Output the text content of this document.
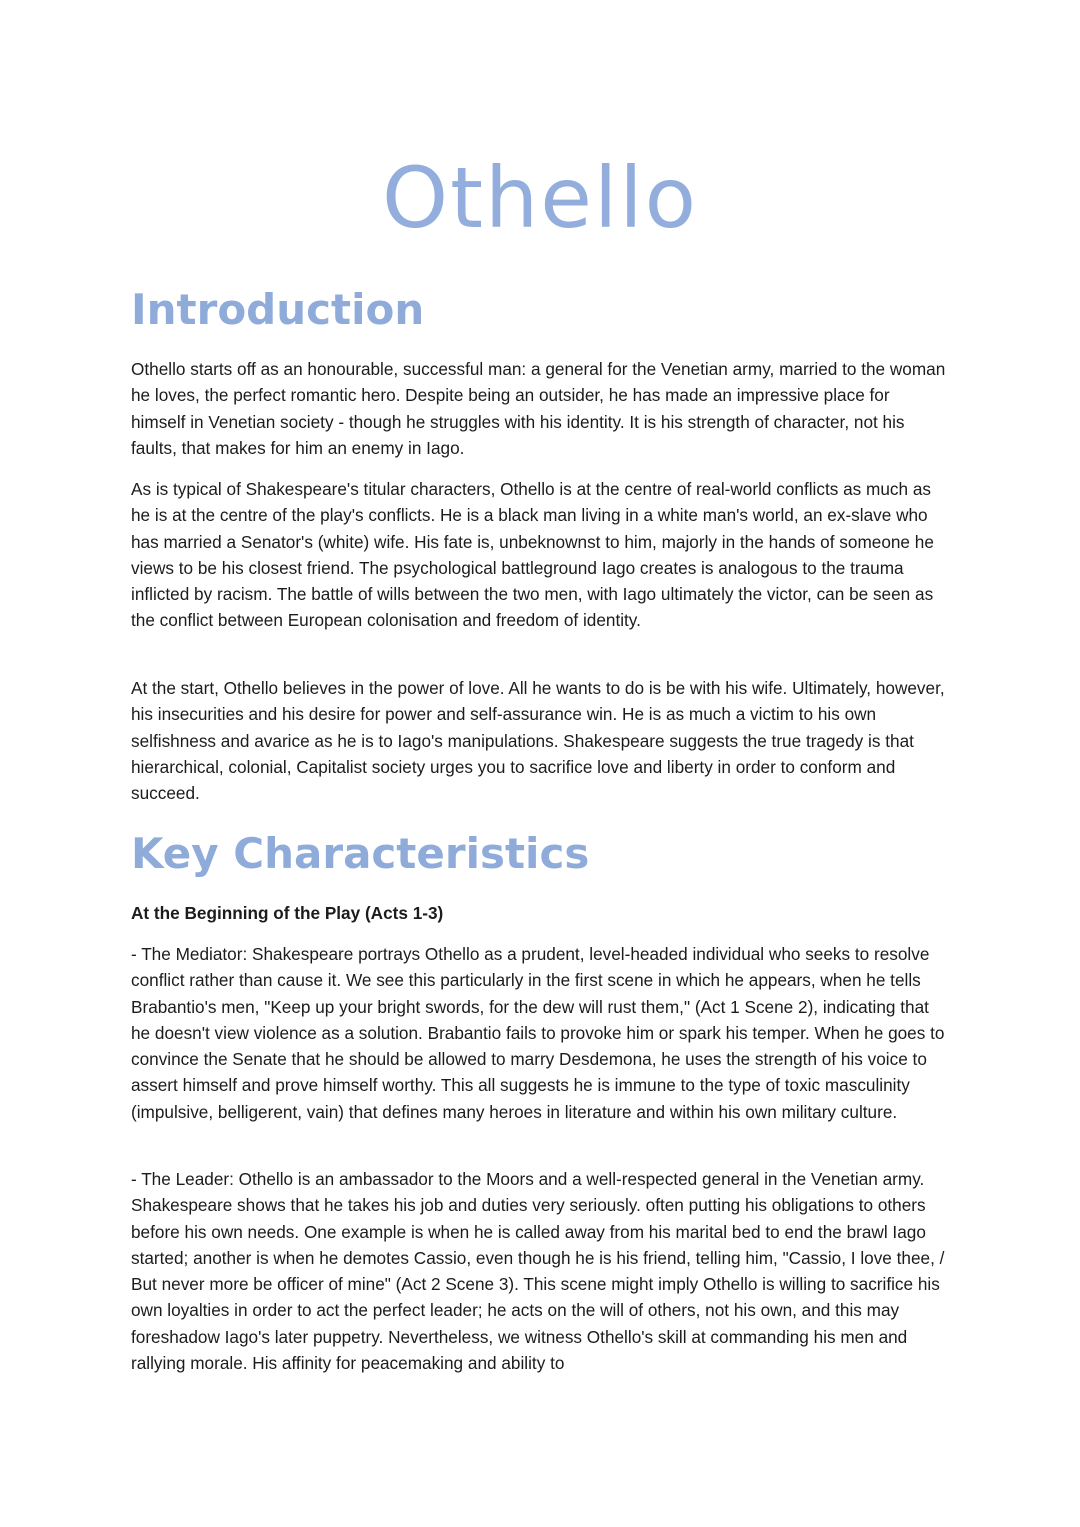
Othello
Introduction

Othello starts off as an honourable, successful man: a general for the Venetian army, married to the woman he loves, the perfect romantic hero. Despite being an outsider, he has made an impressive place for himself in Venetian society - though he struggles with his identity. It is his strength of character, not his faults, that makes for him an enemy in Iago.

As is typical of Shakespeare's titular characters, Othello is at the centre of real-world conflicts as much as he is at the centre of the play's conflicts. He is a black man living in a white man's world, an ex-slave who has married a Senator's (white) wife. His fate is, unbeknownst to him, majorly in the hands of someone he views to be his closest friend. The psychological battleground Iago creates is analogous to the trauma inflicted by racism. The battle of wills between the two men, with Iago ultimately the victor, can be seen as the conflict between European colonisation and freedom of identity.

At the start, Othello believes in the power of love. All he wants to do is be with his wife. Ultimately, however, his insecurities and his desire for power and self-assurance win. He is as much a victim to his own selfishness and avarice as he is to Iago's manipulations. Shakespeare suggests the true tragedy is that hierarchical, colonial, Capitalist society urges you to sacrifice love and liberty in order to conform and succeed.

Key Characteristics
At the Beginning of the Play (Acts 1-3)

- The Mediator: Shakespeare portrays Othello as a prudent, level-headed individual who seeks to resolve conflict rather than cause it. We see this particularly in the first scene in which he appears, when he tells Brabantio's men, "Keep up your bright swords, for the dew will rust them," (Act 1 Scene 2), indicating that he doesn't view violence as a solution. Brabantio fails to provoke him or spark his temper. When he goes to convince the Senate that he should be allowed to marry Desdemona, he uses the strength of his voice to assert himself and prove himself worthy. This all suggests he is immune to the type of toxic masculinity (impulsive, belligerent, vain) that defines many heroes in literature and within his own military culture.

- The Leader: Othello is an ambassador to the Moors and a well-respected general in the Venetian army. Shakespeare shows that he takes his job and duties very seriously. often putting his obligations to others before his own needs. One example is when he is called away from his marital bed to end the brawl Iago started; another is when he demotes Cassio, even though he is his friend, telling him, "Cassio, I love thee, / But never more be officer of mine" (Act 2 Scene 3). This scene might imply Othello is willing to sacrifice his own loyalties in order to act the perfect leader; he acts on the will of others, not his own, and this may foreshadow Iago's later puppetry. Nevertheless, we witness Othello's skill at commanding his men and rallying morale. His affinity for peacemaking and ability to
